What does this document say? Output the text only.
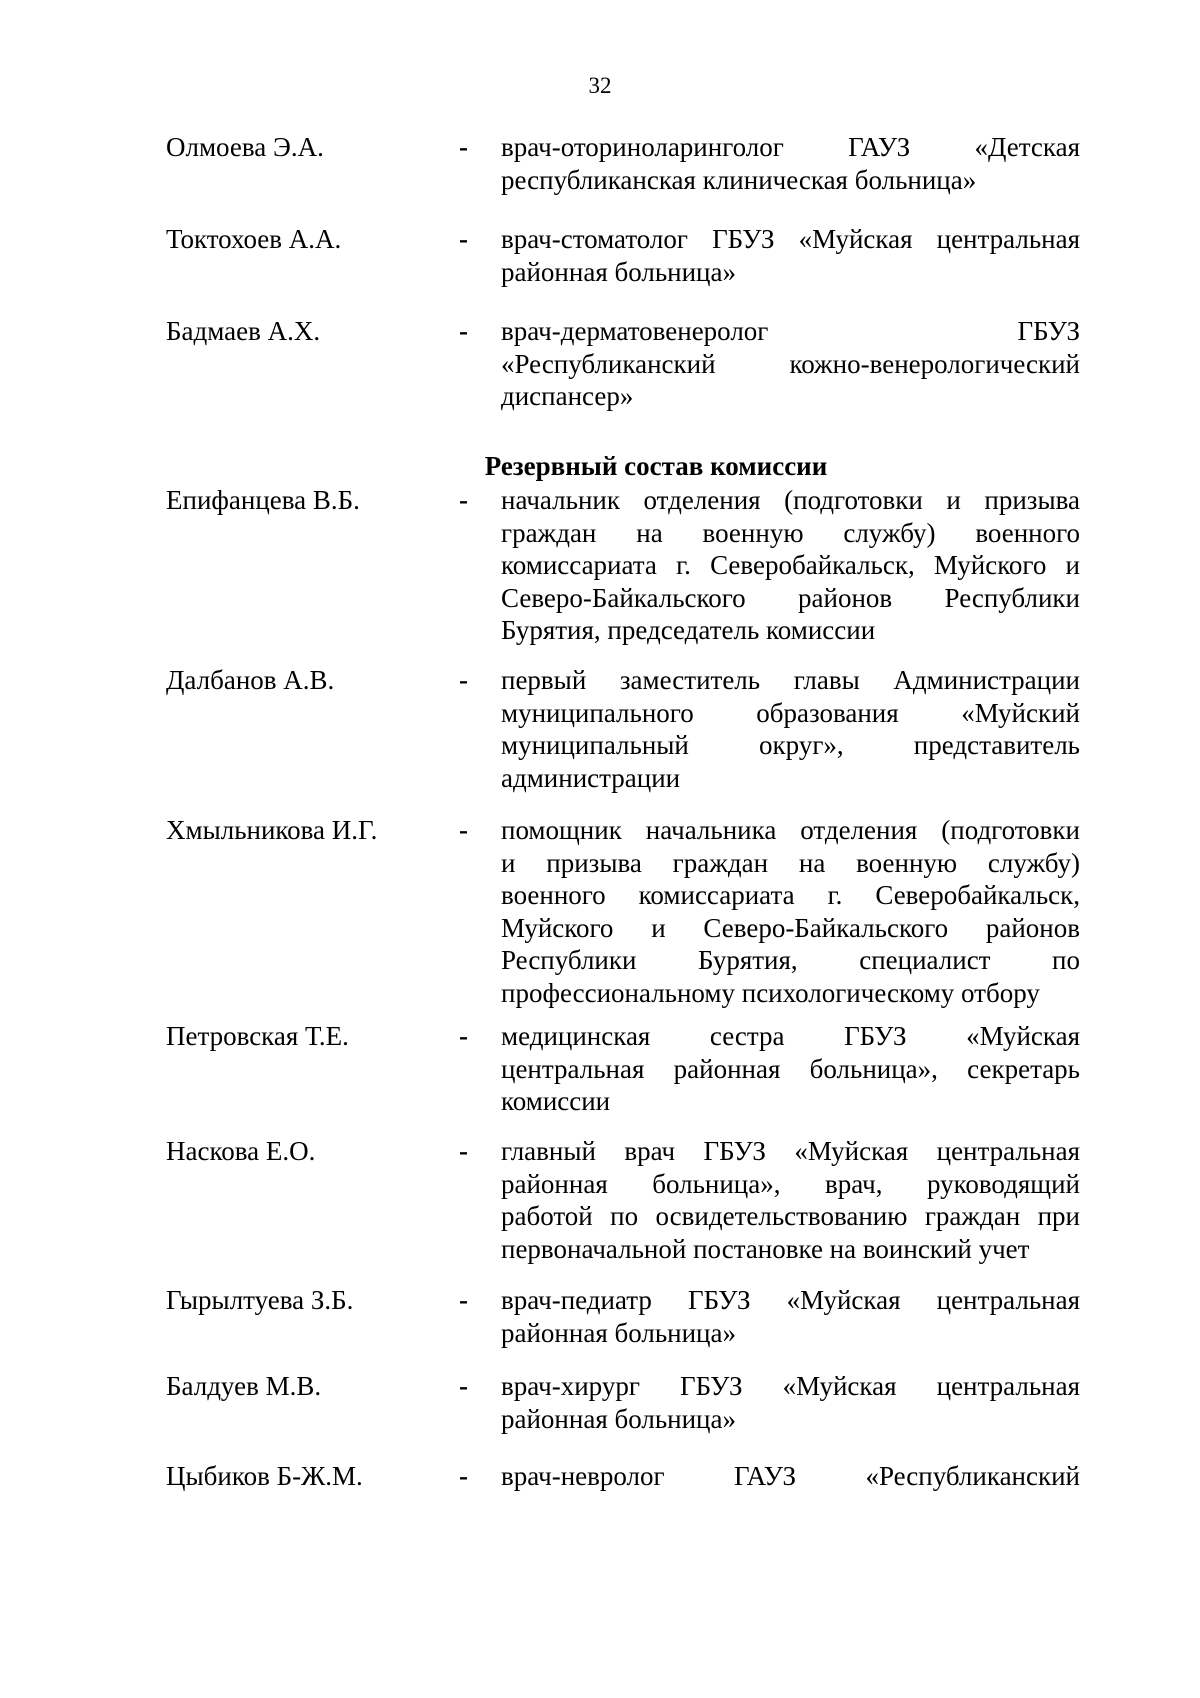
32
Олмоева Э.А.	- врач-оториноларинголог ГАУЗ «Детская
республиканская клиническая больница»
Токтохоев А.А.	- врач-стоматолог ГБУЗ «Муйская центральная
районная больница»
Бадмаев А.Х.	- врач-дерматовенеролог ГБУЗ
«Республиканский кожно-венерологический
диспансер»
Резервный состав комиссии
Епифанцева В.Б.	- начальник отделения (подготовки и призыва
граждан на военную службу) военного
комиссариата г. Северобайкальск, Муйского и
Северо-Байкальского районов Республики
Бурятия, председатель комиссии
Далбанов А.В.	- первый заместитель главы Администрации
муниципального образования «Муйский
муниципальный округ», представитель
администрации
Хмыльникова И.Г.	- помощник начальника отделения (подготовки
и призыва граждан на военную службу)
военного комиссариата г. Северобайкальск,
Муйского и Северо-Байкальского районов
Республики Бурятия, специалист по
профессиональному психологическому отбору
Петровская Т.Е.	- медицинская сестра ГБУЗ «Муйская
центральная районная больница», секретарь
комиссии
Наскова Е.О.	- главный врач ГБУЗ «Муйская центральная
районная больница», врач, руководящий
работой по освидетельствованию граждан при
первоначальной постановке на воинский учет
Гырылтуева З.Б.	- врач-педиатр ГБУЗ «Муйская центральная
районная больница»
Балдуев М.В.	- врач-хирург ГБУЗ «Муйская центральная
районная больница»
Цыбиков Б-Ж.М.	- врач-невролог ГАУЗ «Республиканский
